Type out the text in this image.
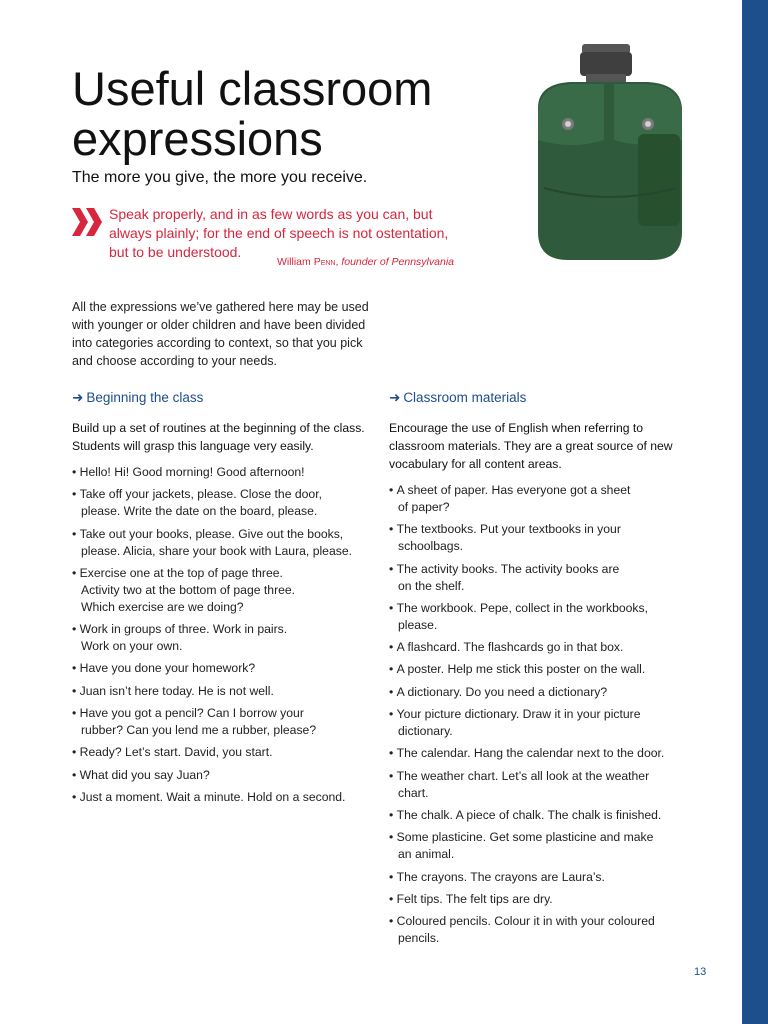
Useful classroom expressions
The more you give, the more you receive.

Speak properly, and in as few words as you can, but always plainly; for the end of speech is not ostentation, but to be understood.

William Penn, founder of Pennsylvania

All the expressions we’ve gathered here may be used with younger or older children and have been divided into categories according to context, so that you pick and choose according to your needs.

➜ Beginning the class

Build up a set of routines at the beginning of the class. Students will grasp this language very easily.

• Hello! Hi! Good morning! Good afternoon!
• Take off your jackets, please. Close the door,
please. Write the date on the board, please.
• Take out your books, please. Give out the books,
please. Alicia, share your book with Laura, please.
• Exercise one at the top of page three.
Activity two at the bottom of page three.
Which exercise are we doing?
• Work in groups of three. Work in pairs.
Work on your own.
• Have you done your homework?
• Juan isn’t here today. He is not well.
• Have you got a pencil? Can I borrow your
rubber? Can you lend me a rubber, please?
• Ready? Let’s start. David, you start.
• What did you say Juan?
• Just a moment. Wait a minute. Hold on a second.
➜ Classroom materials

Encourage the use of English when referring to classroom materials. They are a great source of new vocabulary for all content areas.

• A sheet of paper. Has everyone got a sheet
of paper?
• The textbooks. Put your textbooks in your
schoolbags.
• The activity books. The activity books are
on the shelf.
• The workbook. Pepe, collect in the workbooks,
please.
• A flashcard. The flashcards go in that box.
• A poster. Help me stick this poster on the wall.
• A dictionary. Do you need a dictionary?
• Your picture dictionary. Draw it in your picture
dictionary.
• The calendar. Hang the calendar next to the door.
• The weather chart. Let’s all look at the weather
chart.
• The chalk. A piece of chalk. The chalk is finished.
• Some plasticine. Get some plasticine and make
an animal.
• The crayons. The crayons are Laura’s.
• Felt tips. The felt tips are dry.
• Coloured pencils. Colour it in with your coloured
pencils.
13
